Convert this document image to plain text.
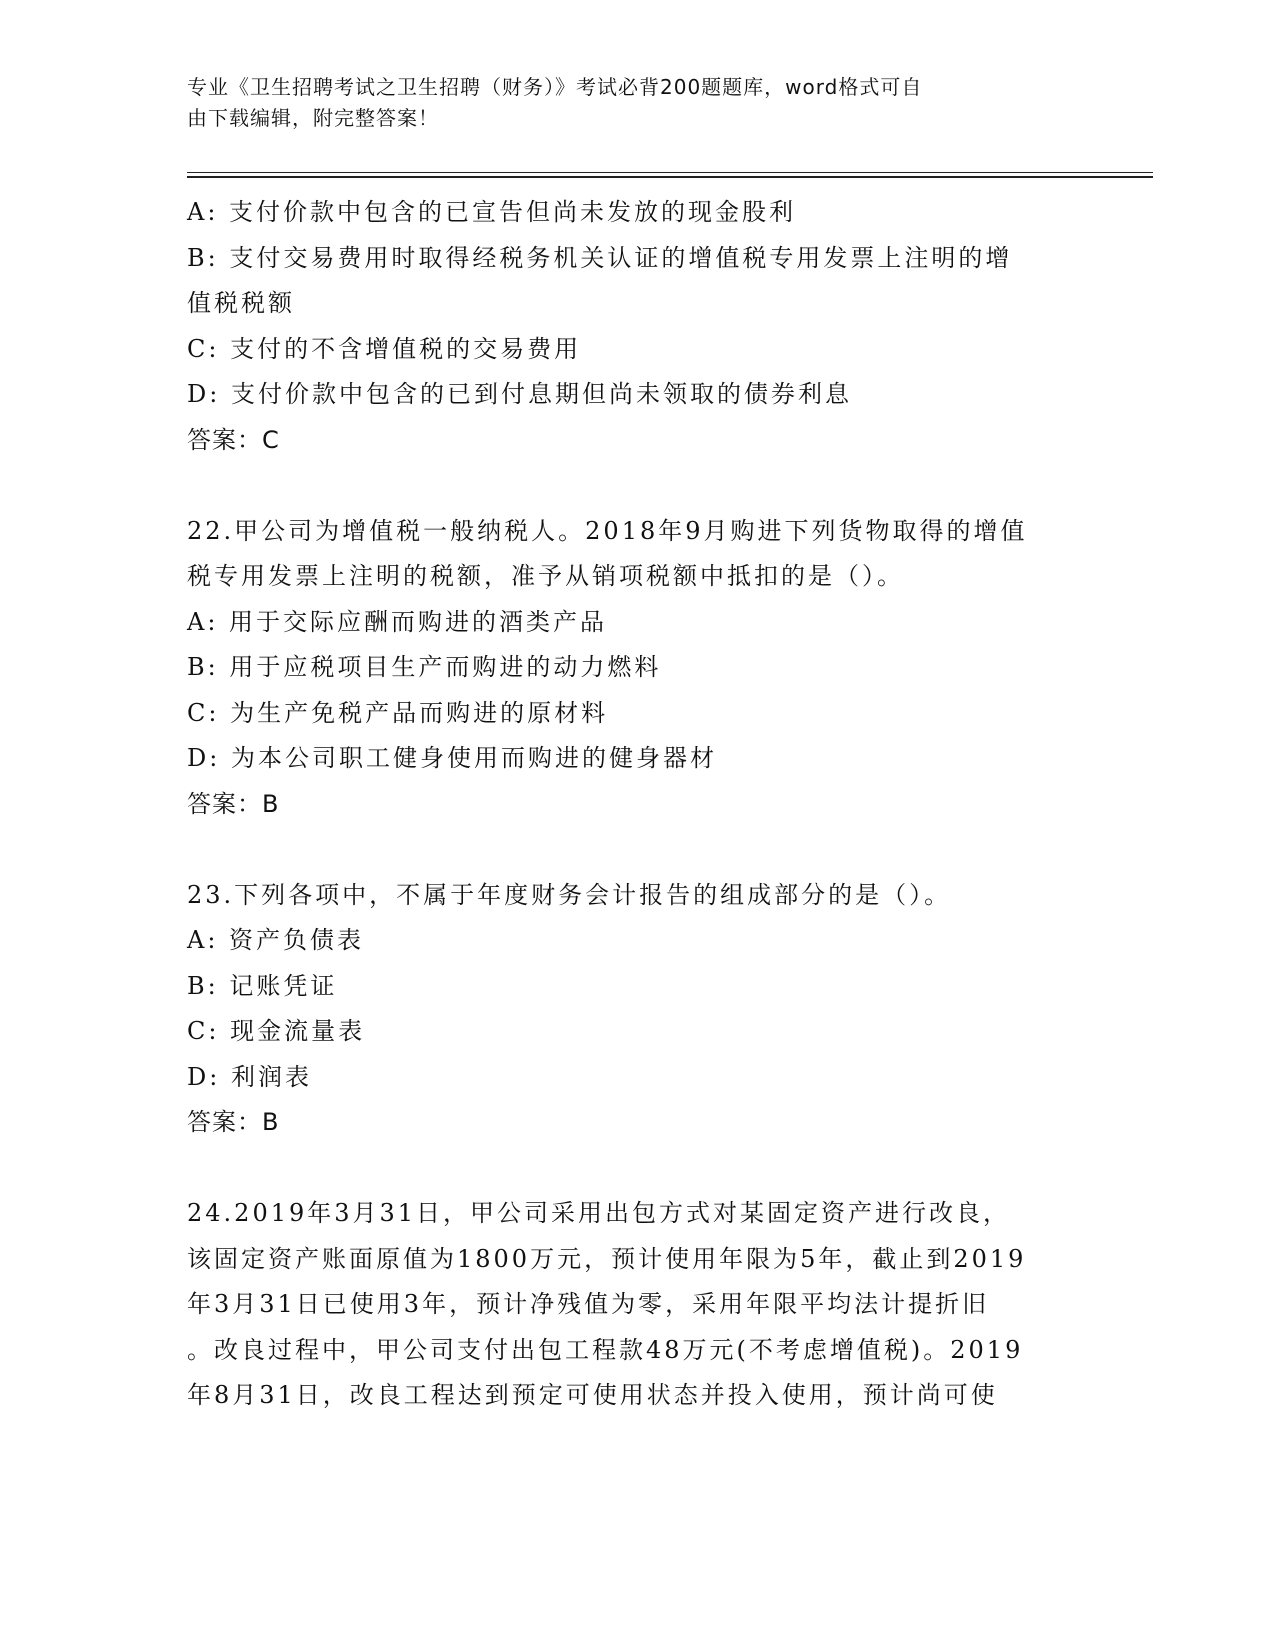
专业《卫生招聘考试之卫生招聘（财务）》考试必背200题题库，word格式可自
由下载编辑，附完整答案！
A: 支付价款中包含的已宣告但尚未发放的现金股利
B: 支付交易费用时取得经税务机关认证的增值税专用发票上注明的增
值税税额
C: 支付的不含增值税的交易费用
D: 支付价款中包含的已到付息期但尚未领取的债券利息
答案：C
22.甲公司为增值税一般纳税人。2018年9月购进下列货物取得的增值
税专用发票上注明的税额，准予从销项税额中抵扣的是（）。
A: 用于交际应酬而购进的酒类产品
B: 用于应税项目生产而购进的动力燃料
C: 为生产免税产品而购进的原材料
D: 为本公司职工健身使用而购进的健身器材
答案：B
23.下列各项中，不属于年度财务会计报告的组成部分的是（）。
A: 资产负债表
B: 记账凭证
C: 现金流量表
D: 利润表
答案：B
24.2019年3月31日，甲公司采用出包方式对某固定资产进行改良，
该固定资产账面原值为1800万元，预计使用年限为5年，截止到2019
年3月31日已使用3年，预计净残值为零，采用年限平均法计提折旧
。改良过程中，甲公司支付出包工程款48万元(不考虑增值税)。2019
年8月31日，改良工程达到预定可使用状态并投入使用，预计尚可使
